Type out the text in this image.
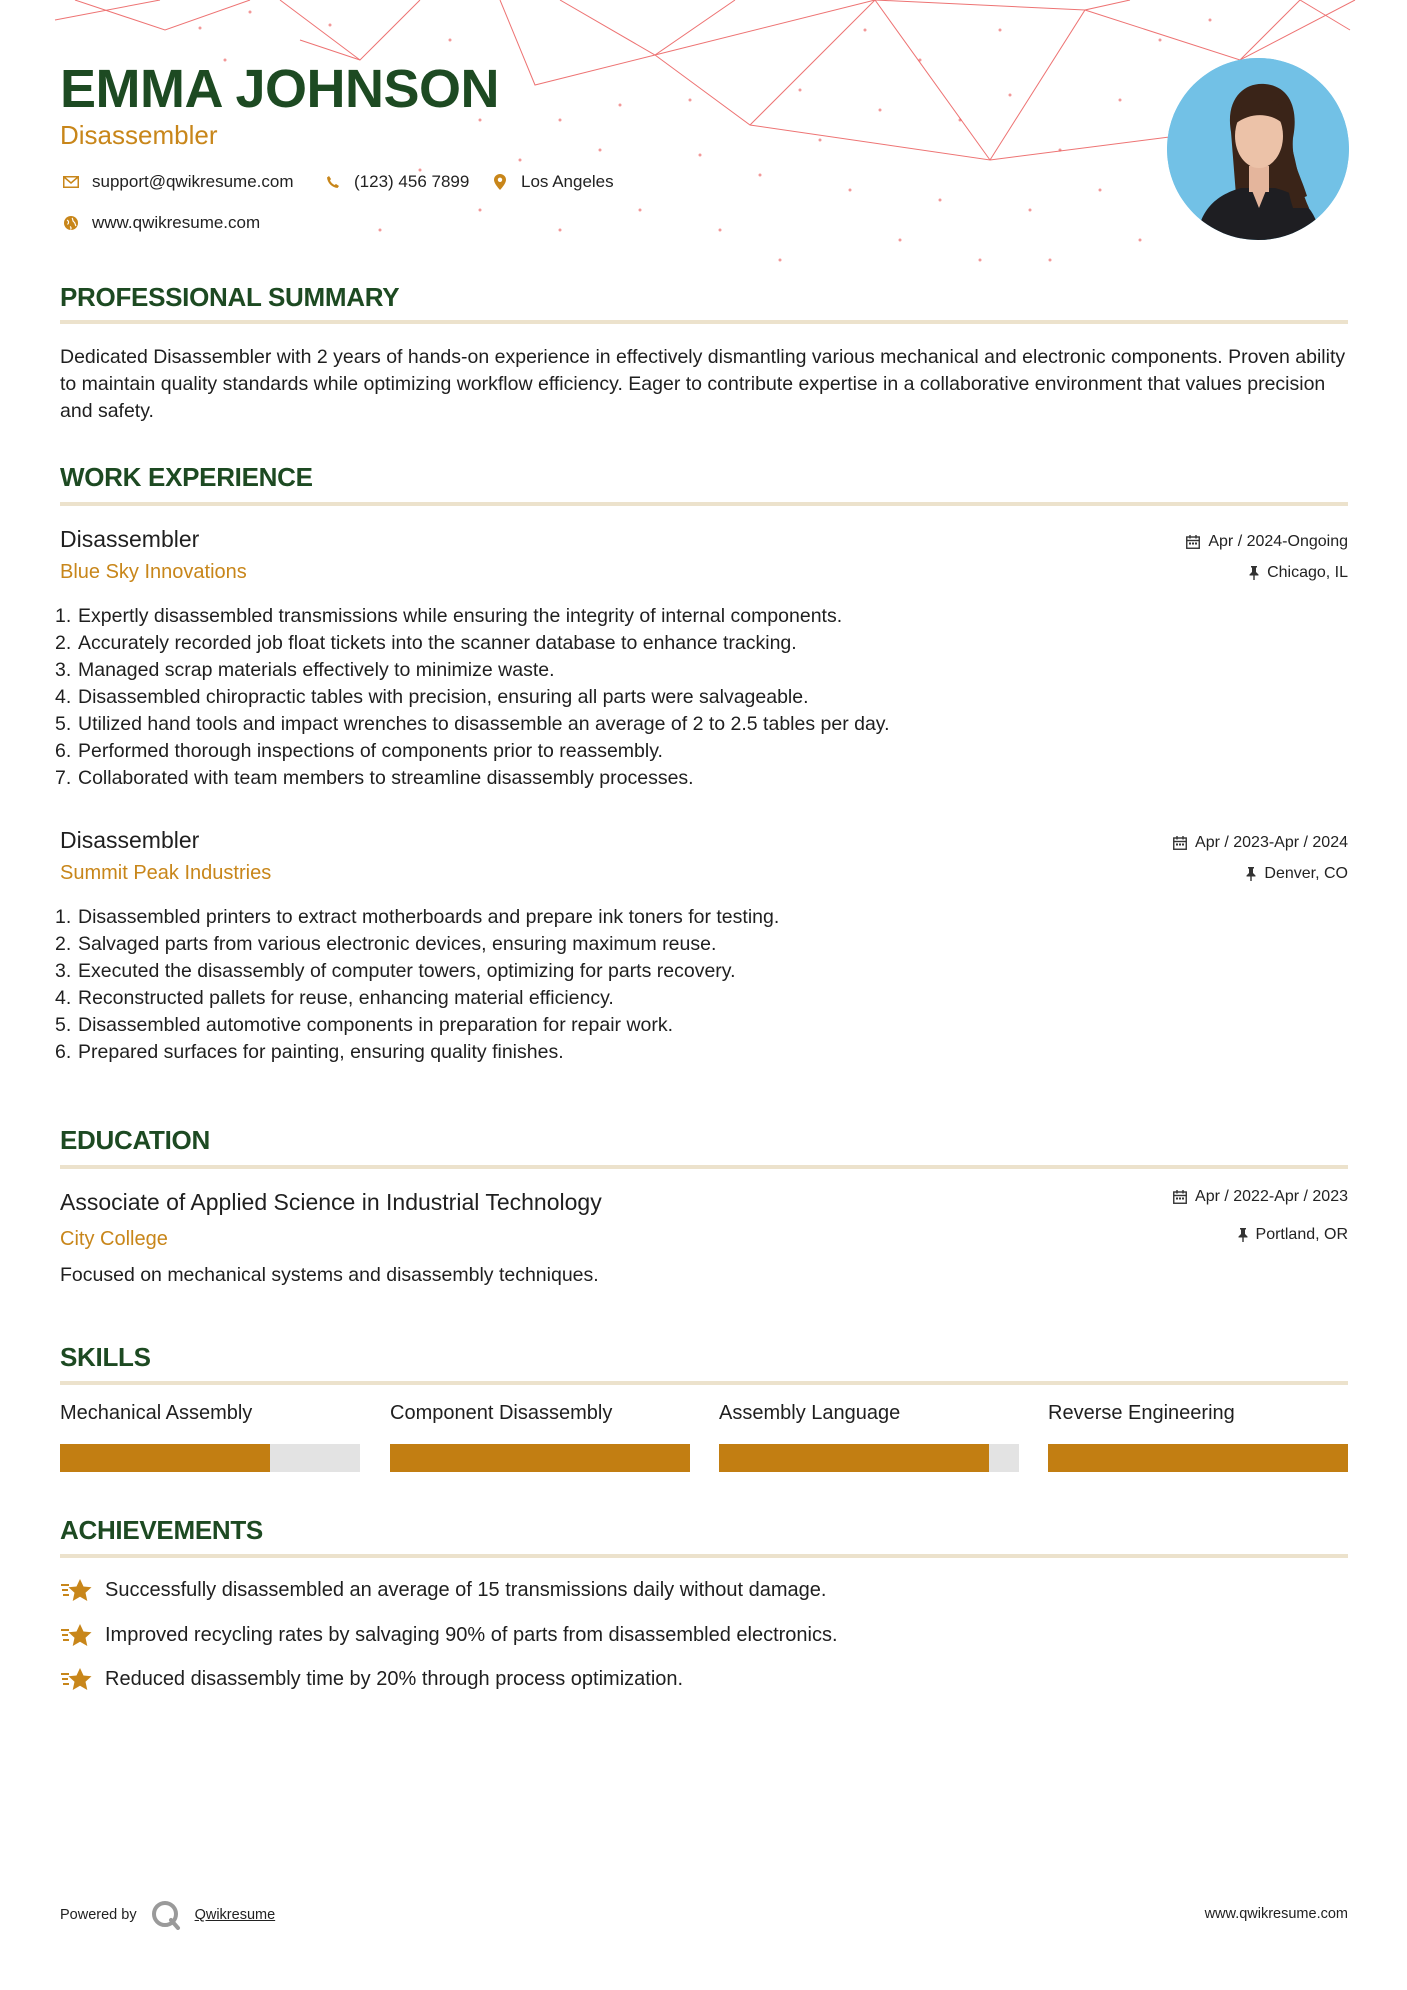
EMMA JOHNSON
Disassembler
support@qwikresume.com	(123) 456 7899	Los Angeles
www.qwikresume.com
PROFESSIONAL SUMMARY
Dedicated Disassembler with 2 years of hands-on experience in effectively dismantling various mechanical and electronic components. Proven ability to maintain quality standards while optimizing workflow efficiency. Eager to contribute expertise in a collaborative environment that values precision and safety.
WORK EXPERIENCE
Disassembler
Blue Sky Innovations
Apr / 2024-Ongoing
Chicago, IL
1. Expertly disassembled transmissions while ensuring the integrity of internal components.
2. Accurately recorded job float tickets into the scanner database to enhance tracking.
3. Managed scrap materials effectively to minimize waste.
4. Disassembled chiropractic tables with precision, ensuring all parts were salvageable.
5. Utilized hand tools and impact wrenches to disassemble an average of 2 to 2.5 tables per day.
6. Performed thorough inspections of components prior to reassembly.
7. Collaborated with team members to streamline disassembly processes.
Disassembler
Summit Peak Industries
Apr / 2023-Apr / 2024
Denver, CO
1. Disassembled printers to extract motherboards and prepare ink toners for testing.
2. Salvaged parts from various electronic devices, ensuring maximum reuse.
3. Executed the disassembly of computer towers, optimizing for parts recovery.
4. Reconstructed pallets for reuse, enhancing material efficiency.
5. Disassembled automotive components in preparation for repair work.
6. Prepared surfaces for painting, ensuring quality finishes.
EDUCATION
Associate of Applied Science in Industrial Technology
City College
Focused on mechanical systems and disassembly techniques.
Apr / 2022-Apr / 2023
Portland, OR
SKILLS
Mechanical Assembly	Component Disassembly	Assembly Language	Reverse Engineering
ACHIEVEMENTS
Successfully disassembled an average of 15 transmissions daily without damage.
Improved recycling rates by salvaging 90% of parts from disassembled electronics.
Reduced disassembly time by 20% through process optimization.
Powered by	Qwikresume	www.qwikresume.com
